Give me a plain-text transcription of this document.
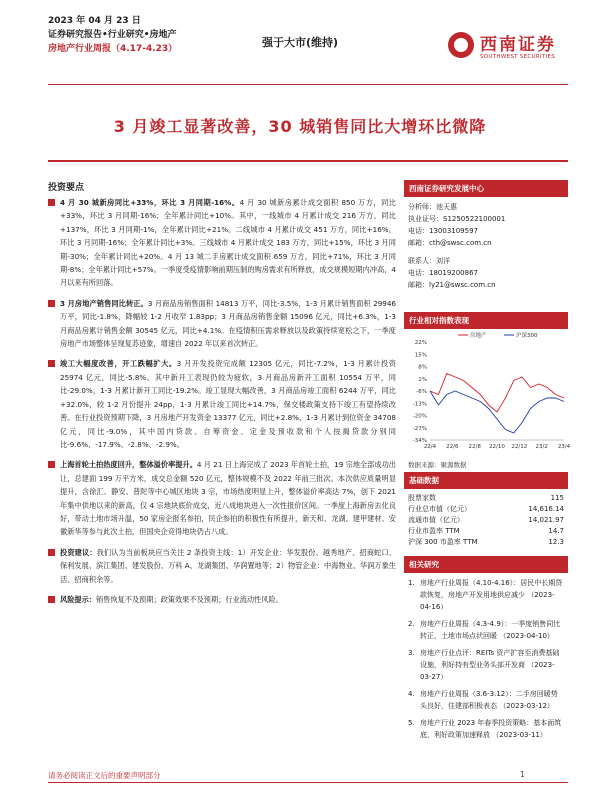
2023 年 04 月 23 日
证券研究报告•行业研究•房地产
房地产行业周报（4.17-4.23）	强于大市(维持)	西南证券
SOUTHWEST SECURITIES
3 月竣工显著改善，30 城销售同比大增环比微降
投资要点
4 月 30 城新房同比+33%，环比 3 月同期-16%。4 月 30 城新房累计成交面积 850 万方，同比+33%，环比 3 月同期-16%；全年累计同比+10%。其中，一线城市 4 月累计成交 216 万方，同比+137%，环比 3 月同期-1%，全年累计同比+21%。二线城市 4 月累计成交 451 万方，同比+16%，环比 3 月同期-16%；全年累计同比+3%。三线城市 4 月累计成交 183 万方，同比+15%，环比 3 月同期-30%；全年累计同比+20%。4 月 13 城二手房累计成交面积 659 万方，同比+71%，环比 3 月同期-8%；全年累计同比+57%。一季度受疫情影响前期压制的购房需求有所释放，成交规模短期内冲高，4 月以来有所回落。
3 月房地产销售同比转正。3 月商品房销售面积 14813 万平，同比-3.5%，1-3 月累计销售面积 29946 万平，同比-1.8%，降幅较 1-2 月收窄 1.83pp；3 月商品房销售金额 15096 亿元，同比+6.3%，1-3 月商品房累计销售金额 30545 亿元，同比+4.1%。在疫情积压需求释放以及政策持续宽松之下，一季度房地产市场整体呈现复苏迹象，增速自 2022 年以来首次转正。
竣工大幅度改善，开工跌幅扩大。3 月开发投资完成额 12305 亿元，同比-7.2%，1-3 月累计投资 25974 亿元，同比-5.8%。其中新开工表现仍较为疲软，3 月商品房新开工面积 10554 万平，同比-29.0%，1-3 月累计新开工同比-19.2%。竣工显现大幅改善，3 月商品房竣工面积 6244 万平，同比+32.0%，较 1-2 月份提升 24pp，1-3 月累计竣工同比+14.7%，保交楼政策支持下竣工有望持续改善。在行业投资预期下降，3 月房地产开发资金 13377 亿元，同比+2.8%，1-3 月累计到位资金 34708 亿元，同比-9.0%，其中国内贷款、自筹资金、定金及预收款和个人按揭贷款分别同比-9.6%、-17.9%、-2.8%、-2.9%。
上海首轮土拍热度回升，整体溢价率提升。4 月 21 日上海完成了 2023 年首轮土拍，19 宗地全部成功出让，总建面 199 万平方米，成交总金额 520 亿元，整体规模不及 2022 年前三批次。本次供应质量明显提升，含徐汇、静安、普陀等中心城区地块 3 宗，市场热度明显上升，整体溢价率高达 7%，创下 2021 年集中供地以来的新高，仅 4 宗地块底价成交，近八成地块进入一次性报价区间。一季度上海新房去化良好，带动土地市场升温，50 家房企报名参拍，民企参拍的积极性有所提升，新天和、龙湖、建甲建材、安徽新华等参与此次土拍，但国央企竞得地块仍占八成。
投资建议：我们认为当前板块应当关注 2 条投资主线：1）开发企业：华发股份、越秀地产、招商蛇口、保利发展、滨江集团、建发股份、万科 A、龙湖集团、华润置地等；2）物管企业：中海物业、华润万象生活、招商积余等。
风险提示：销售恢复不及预期；政策效果不及预期；行业流动性风险。
西南证券研究发展中心
分析师：池天惠
执业证号：S1250522100001
电话：13003109597
邮箱：cth@swsc.com.cn
联系人：刘洋
电话：18019200867
邮箱：ly21@swsc.com.cn
行业相对指数表现
22%
15%
8%
1%
-6%
-13%
-20%
-27%
-34%
22/4 22/6 22/8 22/10 22/12 23/2 23/4
房地产	沪深300
数据来源：聚源数据
基础数据
股票家数	115
行业总市值（亿元）	14,616.14
流通市值（亿元）	14,021.97
行业市盈率 TTM	14.7
沪深 300 市盈率 TTM	12.3
相关研究
1. 房地产行业周报（4.10-4.16）：居民中长期贷款恢复，房地产开发用地供应减少 （2023-04-16）
2. 房地产行业周报（4.3-4.9）：一季度销售同比转正，土地市场点状回暖 （2023-04-10）
3. 房地产行业点评：REITs 资产扩容至消费基础设施，利好持有型业务头部开发商 （2023-03-27）
4. 房地产行业周报（3.6-3.12）：二手房回暖势头良好，住建部积极表态 （2023-03-12）
5. 房地产行业 2023 年春季投资策略：基本面筑底，利好政策加速释放 （2023-03-11）
请务必阅读正文后的重要声明部分	1
